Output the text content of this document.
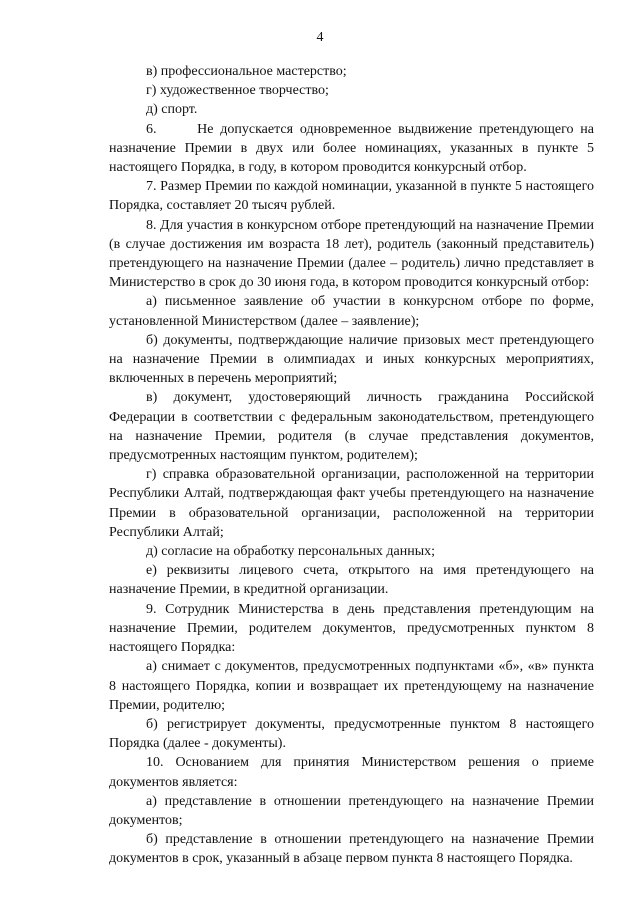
4

в) профессиональное мастерство;

г) художественное творчество;

д) спорт.

6.      Не допускается одновременное выдвижение претендующего на назначение Премии в двух или более номинациях, указанных в пункте 5 настоящего Порядка, в году, в котором проводится конкурсный отбор.

7. Размер Премии по каждой номинации, указанной в пункте 5 настоящего Порядка, составляет 20 тысяч рублей.

8. Для участия в конкурсном отборе претендующий на назначение Премии (в случае достижения им возраста 18 лет), родитель (законный представитель) претендующего на назначение Премии (далее – родитель) лично представляет в Министерство в срок до 30 июня года, в котором проводится конкурсный отбор:

а) письменное заявление об участии в конкурсном отборе по форме, установленной Министерством (далее – заявление);

б) документы, подтверждающие наличие призовых мест претендующего на назначение Премии в олимпиадах и иных конкурсных мероприятиях, включенных в перечень мероприятий;

в) документ, удостоверяющий личность гражданина Российской Федерации в соответствии с федеральным законодательством, претендующего на назначение Премии, родителя (в случае представления документов, предусмотренных настоящим пунктом, родителем);

г) справка образовательной организации, расположенной на территории Республики Алтай, подтверждающая факт учебы претендующего на назначение Премии в образовательной организации, расположенной на территории Республики Алтай;

д) согласие на обработку персональных данных;

е) реквизиты лицевого счета, открытого на имя претендующего на назначение Премии, в кредитной организации.

9. Сотрудник Министерства в день представления претендующим на назначение Премии, родителем документов, предусмотренных пунктом 8 настоящего Порядка:

а) снимает с документов, предусмотренных подпунктами «б», «в» пункта 8 настоящего Порядка, копии и возвращает их претендующему на назначение Премии, родителю;

б) регистрирует документы, предусмотренные пунктом 8 настоящего Порядка (далее - документы).

10. Основанием для принятия Министерством решения о приеме документов является:

а) представление в отношении претендующего на назначение Премии документов;

б) представление в отношении претендующего на назначение Премии документов в срок, указанный в абзаце первом пункта 8 настоящего Порядка.
